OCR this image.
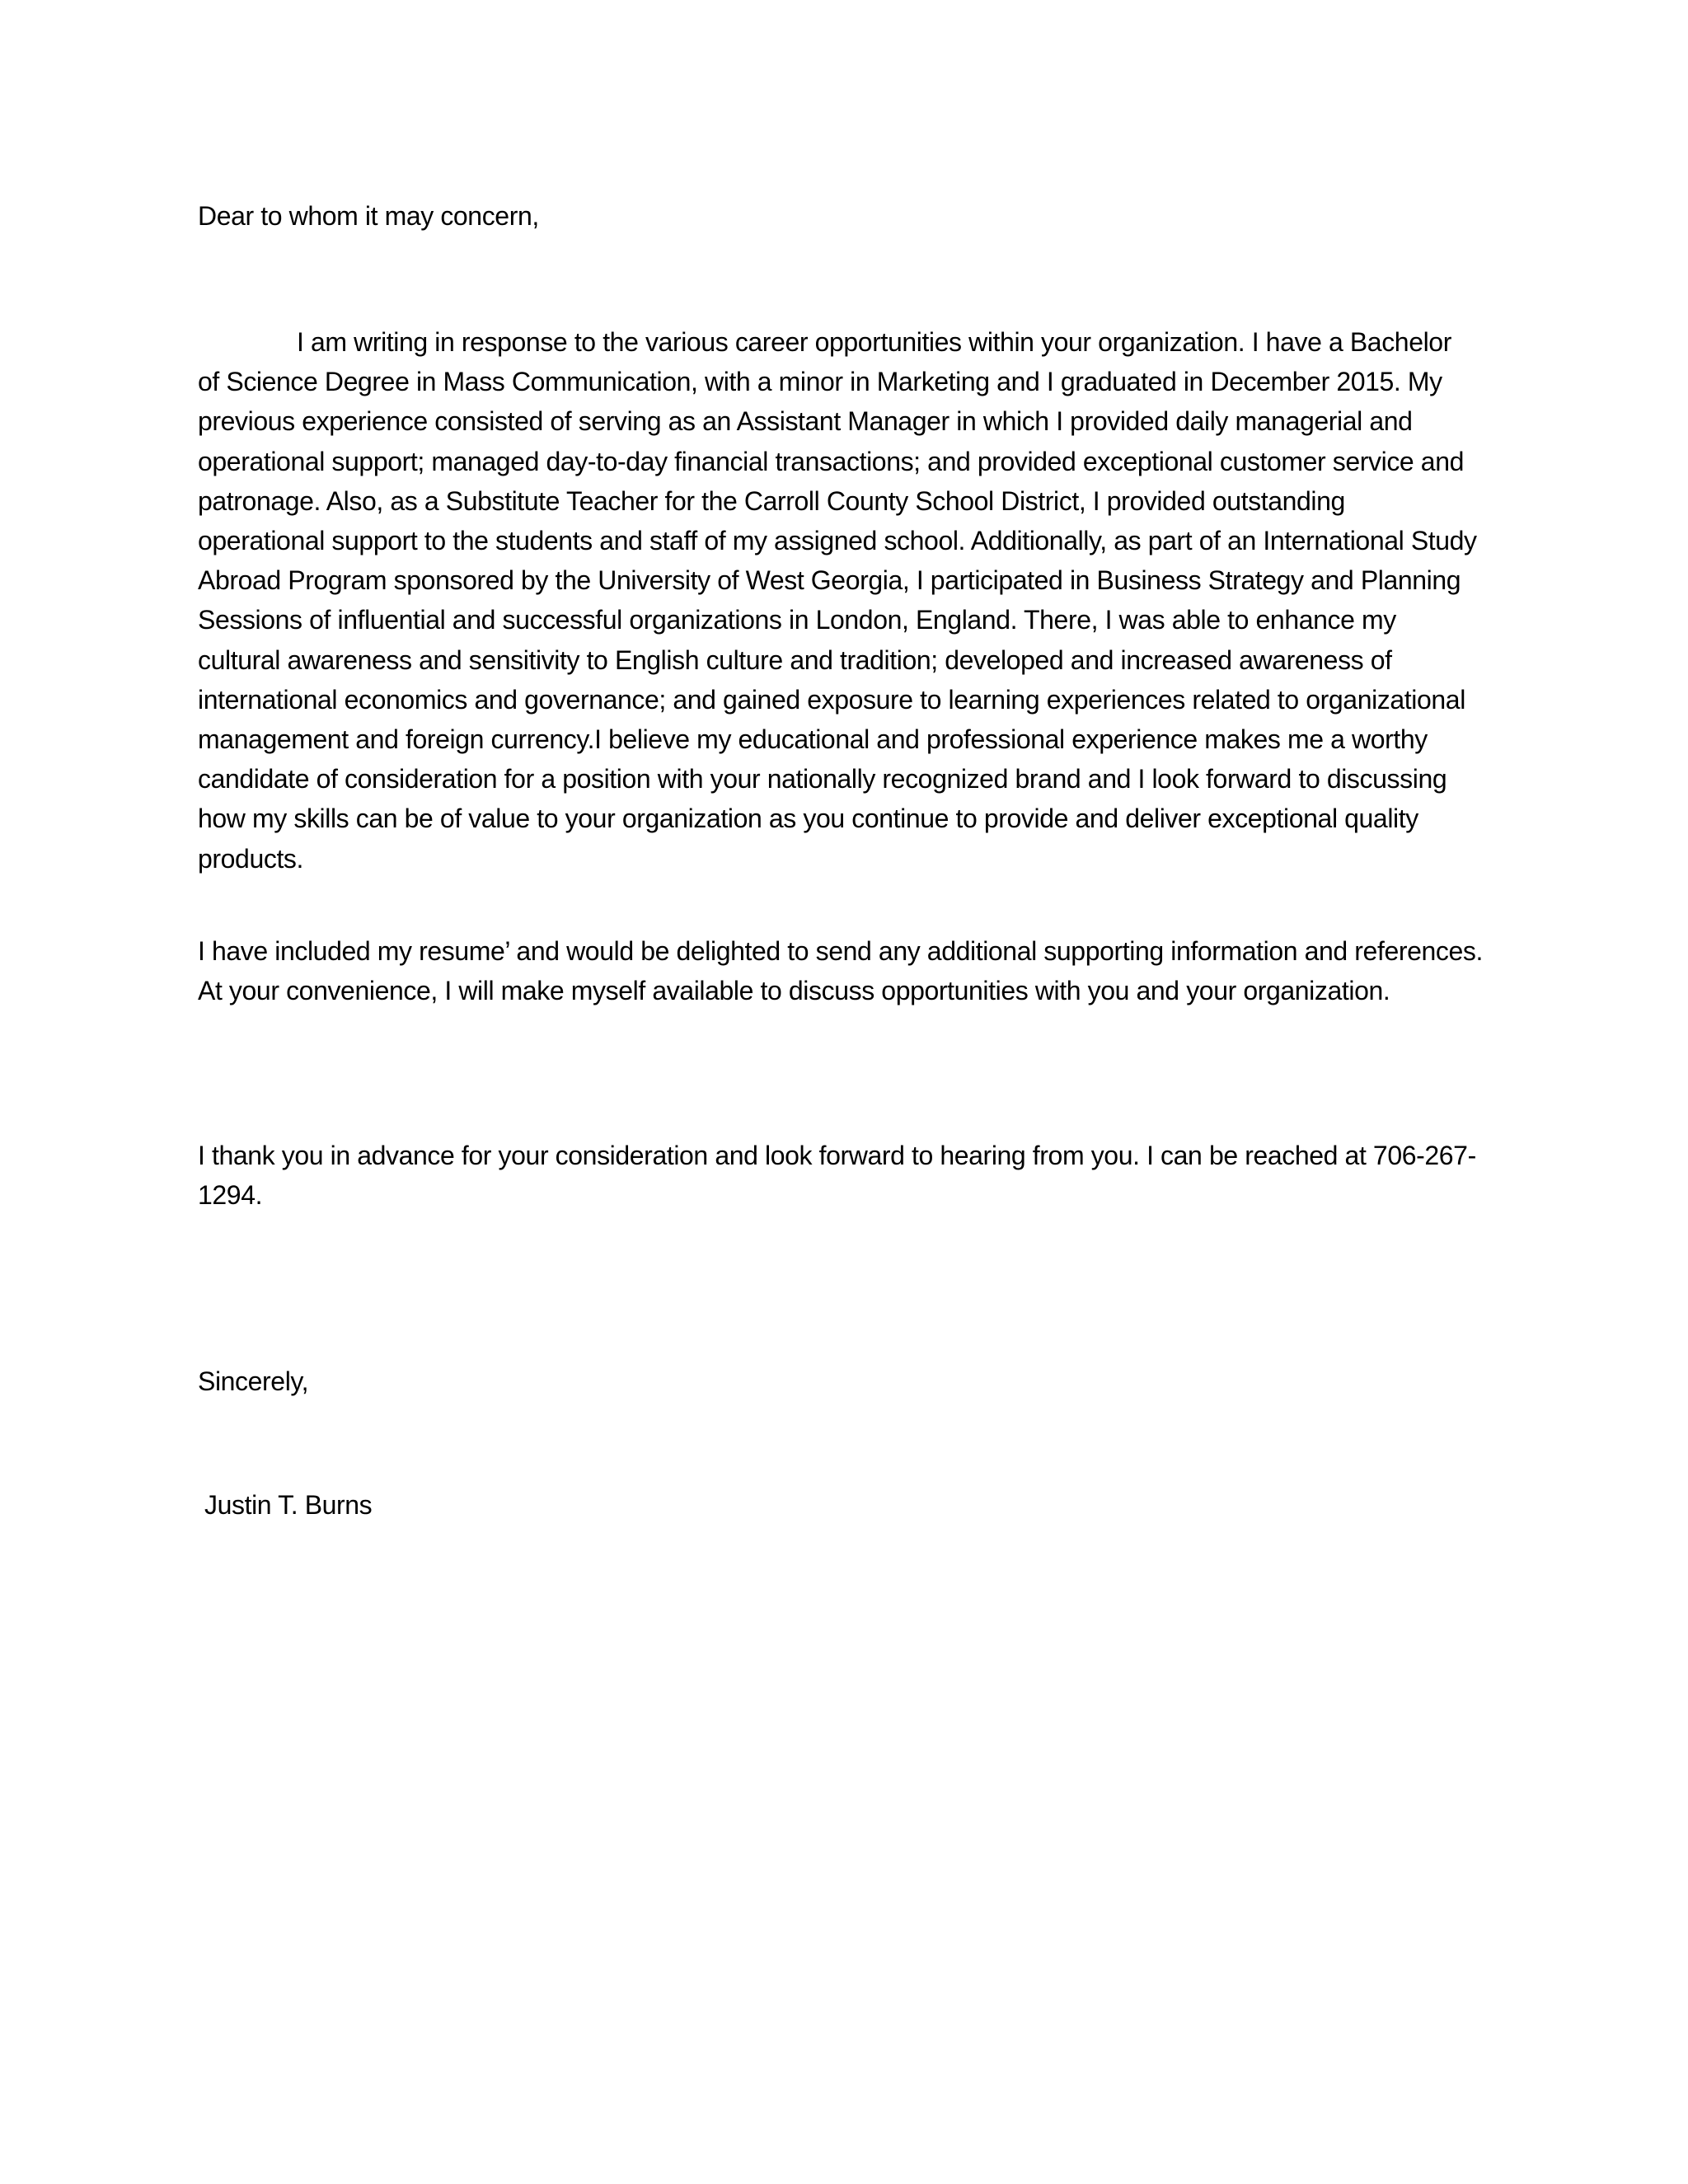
Dear to whom it may concern,

I am writing in response to the various career opportunities within your organization. I have a Bachelor of Science Degree in Mass Communication, with a minor in Marketing and I graduated in December 2015. My previous experience consisted of serving as an Assistant Manager in which I provided daily managerial and operational support; managed day-to-day financial transactions; and provided exceptional customer service and patronage. Also, as a Substitute Teacher for the Carroll County School District, I provided outstanding operational support to the students and staff of my assigned school. Additionally, as part of an International Study Abroad Program sponsored by the University of West Georgia, I participated in Business Strategy and Planning Sessions of influential and successful organizations in London, England. There, I was able to enhance my cultural awareness and sensitivity to English culture and tradition; developed and increased awareness of international economics and governance; and gained exposure to learning experiences related to organizational management and foreign currency.I believe my educational and professional experience makes me a worthy candidate of consideration for a position with your nationally recognized brand and I look forward to discussing how my skills can be of value to your organization as you continue to provide and deliver exceptional quality products.

I have included my resume’ and would be delighted to send any additional supporting information and references. At your convenience, I will make myself available to discuss opportunities with you and your organization.

I thank you in advance for your consideration and look forward to hearing from you. I can be reached at 706-267-1294.

Sincerely,

Justin T. Burns
